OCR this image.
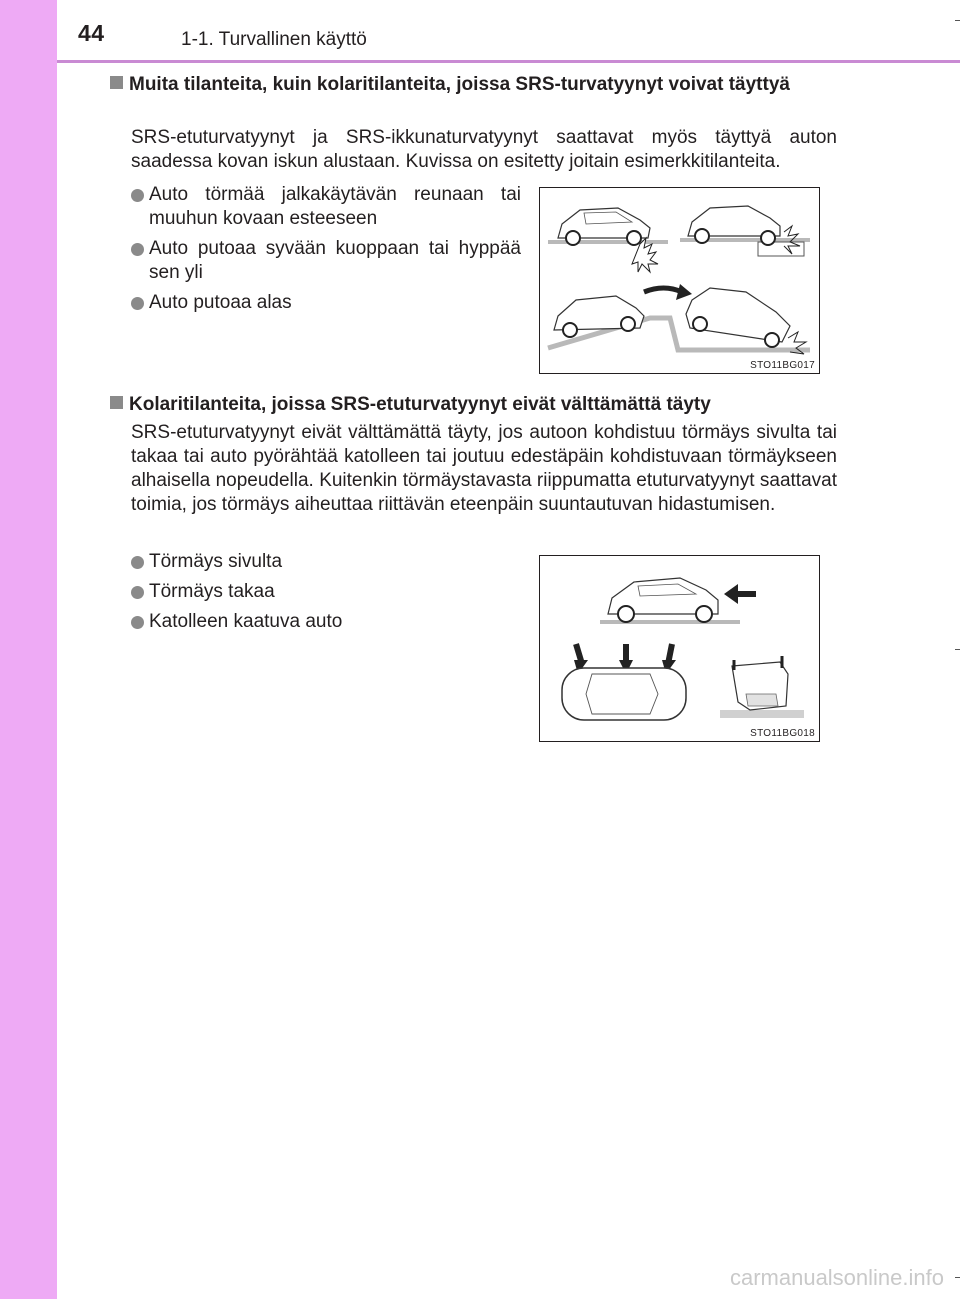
44	1-1. Turvallinen käyttö
Muita tilanteita, kuin kolaritilanteita, joissa SRS-turvatyynyt voivat täyttyä
SRS-etuturvatyynyt ja SRS-ikkunaturvatyynyt saattavat myös täyttyä auton saadessa kovan iskun alustaan. Kuvissa on esitetty joitain esimerkkitilanteita.
Auto törmää jalkakäytävän reunaan tai muuhun kovaan esteeseen
Auto putoaa syvään kuoppaan tai hyppää sen yli
Auto putoaa alas
STO11BG017
Kolaritilanteita, joissa SRS-etuturvatyynyt eivät välttämättä täyty
SRS-etuturvatyynyt eivät välttämättä täyty, jos autoon kohdistuu törmäys sivulta tai takaa tai auto pyörähtää katolleen tai joutuu edestäpäin kohdistuvaan törmäykseen alhaisella nopeudella. Kuitenkin törmäystavasta riippumatta etuturvatyynyt saattavat toimia, jos törmäys aiheuttaa riittävän eteenpäin suuntautuvan hidastumisen.
Törmäys sivulta
Törmäys takaa
Katolleen kaatuva auto
STO11BG018
carmanualsonline.info
